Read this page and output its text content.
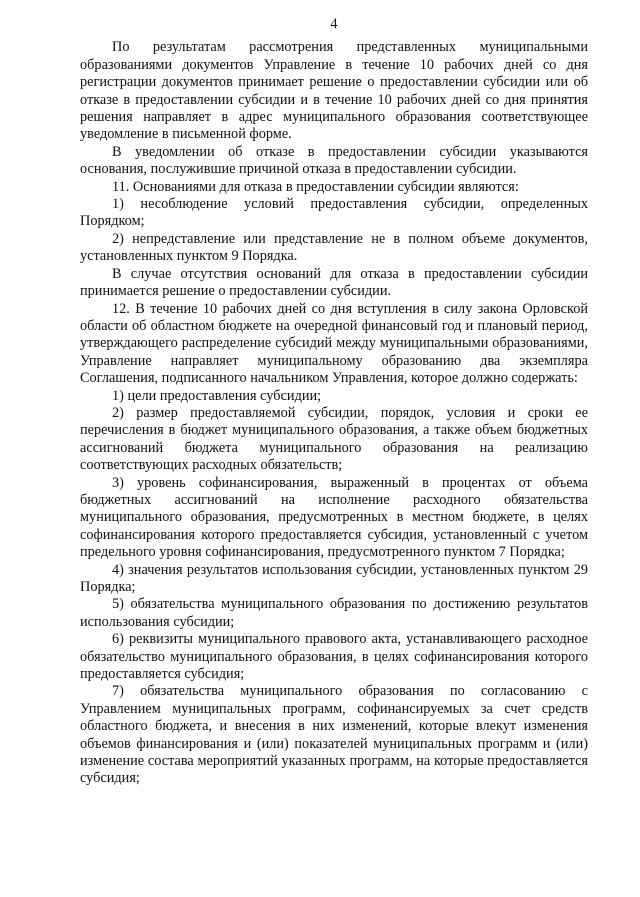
4

По результатам рассмотрения представленных муниципальными образованиями документов Управление в течение 10 рабочих дней со дня регистрации документов принимает решение о предоставлении субсидии или об отказе в предоставлении субсидии и в течение 10 рабочих дней со дня принятия решения направляет в адрес муниципального образования соответствующее уведомление в письменной форме.

В уведомлении об отказе в предоставлении субсидии указываются основания, послужившие причиной отказа в предоставлении субсидии.

11. Основаниями для отказа в предоставлении субсидии являются:

1) несоблюдение условий предоставления субсидии, определенных Порядком;

2) непредставление или представление не в полном объеме документов, установленных пунктом 9 Порядка.

В случае отсутствия оснований для отказа в предоставлении субсидии принимается решение о предоставлении субсидии.

12. В течение 10 рабочих дней со дня вступления в силу закона Орловской области об областном бюджете на очередной финансовый год и плановый период, утверждающего распределение субсидий между муниципальными образованиями, Управление направляет муниципальному образованию два экземпляра Соглашения, подписанного начальником Управления, которое должно содержать:

1) цели предоставления субсидии;

2) размер предоставляемой субсидии, порядок, условия и сроки ее перечисления в бюджет муниципального образования, а также объем бюджетных ассигнований бюджета муниципального образования на реализацию соответствующих расходных обязательств;

3) уровень софинансирования, выраженный в процентах от объема бюджетных ассигнований на исполнение расходного обязательства муниципального образования, предусмотренных в местном бюджете, в целях софинансирования которого предоставляется субсидия, установленный с учетом предельного уровня софинансирования, предусмотренного пунктом 7 Порядка;

4) значения результатов использования субсидии, установленных пунктом 29 Порядка;

5) обязательства муниципального образования по достижению результатов использования субсидии;

6) реквизиты муниципального правового акта, устанавливающего расходное обязательство муниципального образования, в целях софинансирования которого предоставляется субсидия;

7) обязательства муниципального образования по согласованию с Управлением муниципальных программ, софинансируемых за счет средств областного бюджета, и внесения в них изменений, которые влекут изменения объемов финансирования и (или) показателей муниципальных программ и (или) изменение состава мероприятий указанных программ, на которые предоставляется субсидия;
